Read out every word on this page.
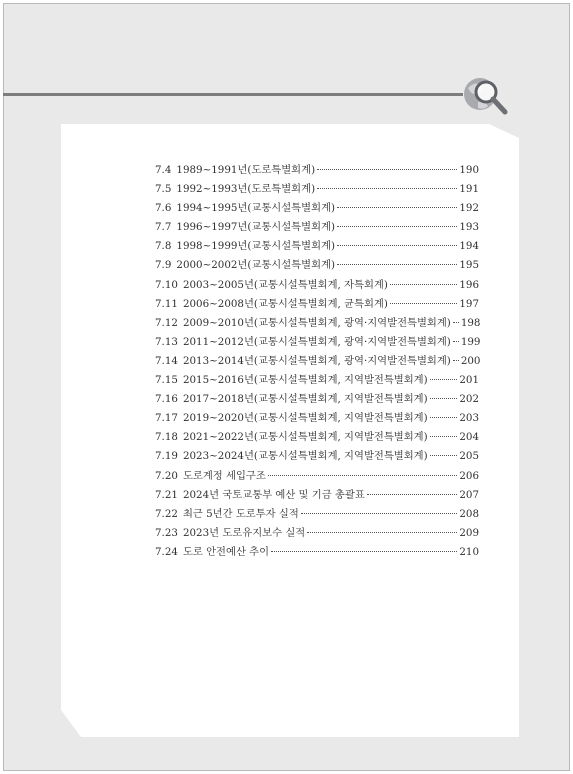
7.4 1989~1991년(도로특별회계)	190
7.5 1992~1993년(도로특별회계)	191
7.6 1994~1995년(교통시설특별회계)	192
7.7 1996~1997년(교통시설특별회계)	193
7.8 1998~1999년(교통시설특별회계)	194
7.9 2000~2002년(교통시설특별회계)	195
7.10 2003~2005년(교통시설특별회계, 자특회계)	196
7.11 2006~2008년(교통시설특별회계, 균특회계)	197
7.12 2009~2010년(교통시설특별회계, 광역·지역발전특별회계) 198
7.13 2011~2012년(교통시설특별회계, 광역·지역발전특별회계) 199
7.14 2013~2014년(교통시설특별회계, 광역·지역발전특별회계) 200
7.15 2015~2016년(교통시설특별회계, 지역발전특별회계)	201
7.16 2017~2018년(교통시설특별회계, 지역발전특별회계)	202
7.17 2019~2020년(교통시설특별회계, 지역발전특별회계)	203
7.18 2021~2022년(교통시설특별회계, 지역발전특별회계)	204
7.19 2023~2024년(교통시설특별회계, 지역발전특별회계)	205
7.20 도로계정 세입구조	206
7.21 2024년 국토교통부 예산 및 기금 총괄표	207
7.22 최근 5년간 도로투자 실적	208
7.23 2023년 도로유지보수 실적	209
7.24 도로 안전예산 추이	210
